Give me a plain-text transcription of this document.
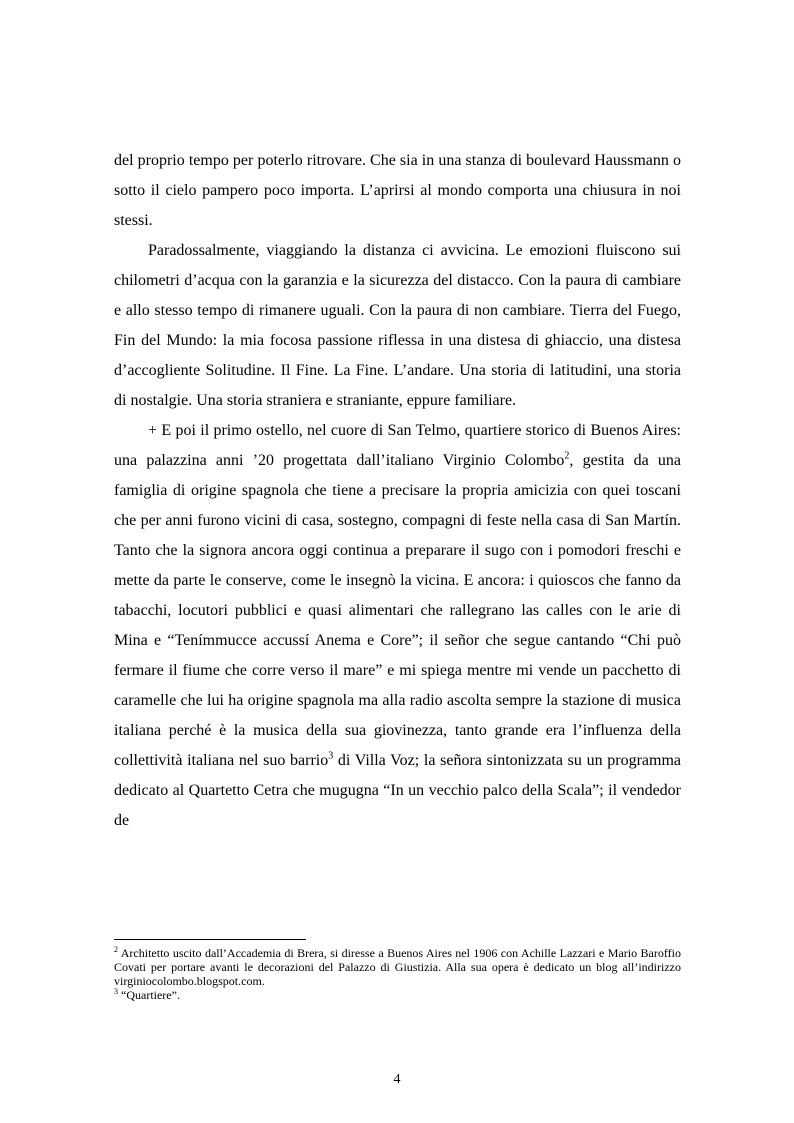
del proprio tempo per poterlo ritrovare. Che sia in una stanza di boulevard Haussmann o sotto il cielo pampero poco importa. L’aprirsi al mondo comporta una chiusura in noi stessi.

Paradossalmente, viaggiando la distanza ci avvicina. Le emozioni fluiscono sui chilometri d’acqua con la garanzia e la sicurezza del distacco. Con la paura di cambiare e allo stesso tempo di rimanere uguali. Con la paura di non cambiare. Tierra del Fuego, Fin del Mundo: la mia focosa passione riflessa in una distesa di ghiaccio, una distesa d’accogliente Solitudine. Il Fine. La Fine. L’andare. Una storia di latitudini, una storia di nostalgie. Una storia straniera e straniante, eppure familiare.

+ E poi il primo ostello, nel cuore di San Telmo, quartiere storico di Buenos Aires: una palazzina anni ’20 progettata dall’italiano Virginio Colombo$^2$, gestita da una famiglia di origine spagnola che tiene a precisare la propria amicizia con quei toscani che per anni furono vicini di casa, sostegno, compagni di feste nella casa di San Martín. Tanto che la signora ancora oggi continua a preparare il sugo con i pomodori freschi e mette da parte le conserve, come le insegnò la vicina. E ancora: i quioscos che fanno da tabacchi, locutori pubblici e quasi alimentari che rallegrano las calles con le arie di Mina e “Tenímmucce accussí Anema e Core”; il señor che segue cantando “Chi può fermare il fiume che corre verso il mare” e mi spiega mentre mi vende un pacchetto di caramelle che lui ha origine spagnola ma alla radio ascolta sempre la stazione di musica italiana perché è la musica della sua giovinezza, tanto grande era l’influenza della collettività italiana nel suo barrio$^3$ di Villa Voz; la señora sintonizzata su un programma dedicato al Quartetto Cetra che mugugna “In un vecchio palco della Scala”; il vendedor de

$^2$ Architetto uscito dall’Accademia di Brera, si diresse a Buenos Aires nel 1906 con Achille Lazzari e Mario Baroffio Covati per portare avanti le decorazioni del Palazzo di Giustizia. Alla sua opera è dedicato un blog all’indirizzo virginiocolombo.blogspot.com.

$^3$ “Quartiere”.

4
